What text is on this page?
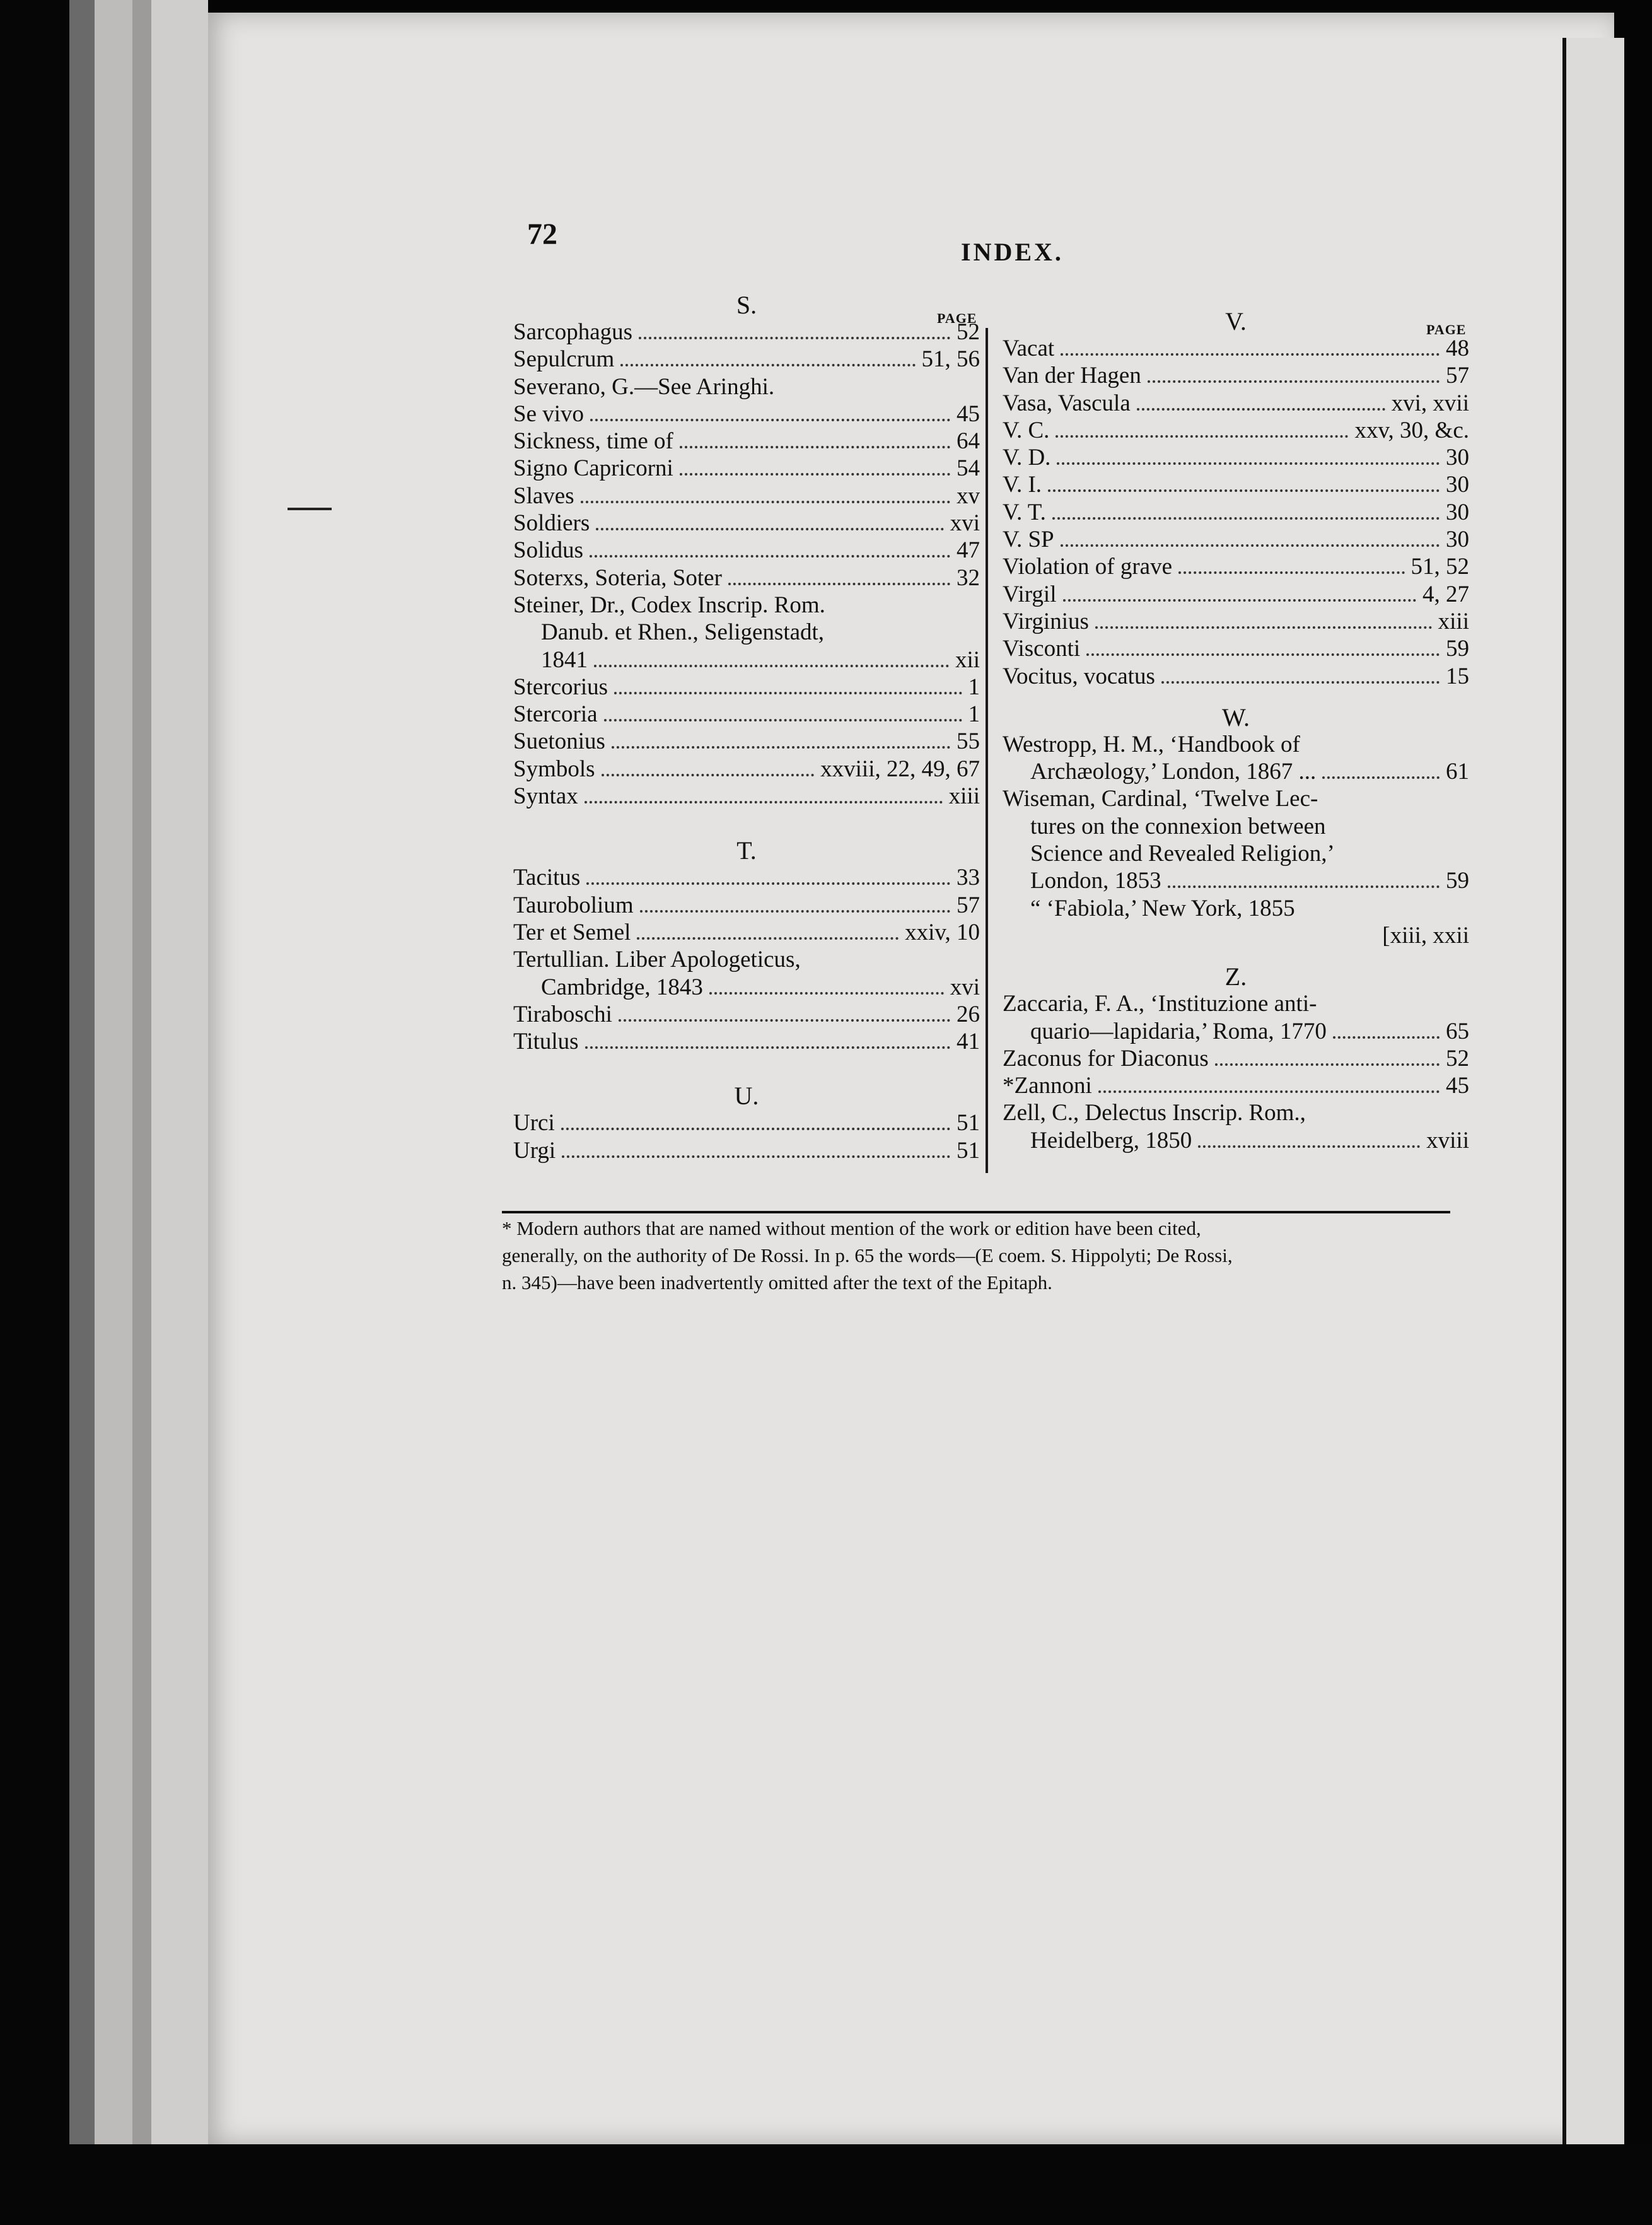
72
INDEX.
PAGE
PAGE
S.
Sarcophagus	52
Sepulcrum	51, 56
Severano, G.—See Aringhi.
Se vivo	45
Sickness, time of	64
Signo Capricorni	54
Slaves	xv
Soldiers	xvi
Solidus	47
Soterxs, Soteria, Soter	32
Steiner, Dr., Codex Inscrip. Rom.
Danub. et Rhen., Seligenstadt,
1841	xii
Stercorius	1
Stercoria	1
Suetonius	55
Symbols	xxviii, 22, 49, 67
Syntax	xiii
T.
Tacitus	33
Taurobolium	57
Ter et Semel	xxiv, 10
Tertullian. Liber Apologeticus,
Cambridge, 1843	xvi
Tiraboschi	26
Titulus	41
U.
Urci	51
Urgi	51
V.
Vacat	48
Van der Hagen	57
Vasa, Vascula	xvi, xvii
V. C.	xxv, 30, &c.
V. D.	30
V. I.	30
V. T.	30
V. SP	30
Violation of grave	51, 52
Virgil	4, 27
Virginius	xiii
Visconti	59
Vocitus, vocatus	15
W.
Westropp, H. M., ‘Handbook of
Archæology,’ London, 1867 ...	61
Wiseman, Cardinal, ‘Twelve Lec-
tures on the connexion between
Science and Revealed Religion,’
London, 1853	59
“ ‘Fabiola,’ New York, 1855
[xiii, xxii
Z.
Zaccaria, F. A., ‘Instituzione anti-
quario—lapidaria,’ Roma, 1770	65
Zaconus for Diaconus	52
*Zannoni	45
Zell, C., Delectus Inscrip. Rom.,
Heidelberg, 1850	xviii
* Modern authors that are named without mention of the work or edition have been cited,
generally, on the authority of De Rossi. In p. 65 the words—(E coem. S. Hippolyti; De Rossi,
n. 345)—have been inadvertently omitted after the text of the Epitaph.
